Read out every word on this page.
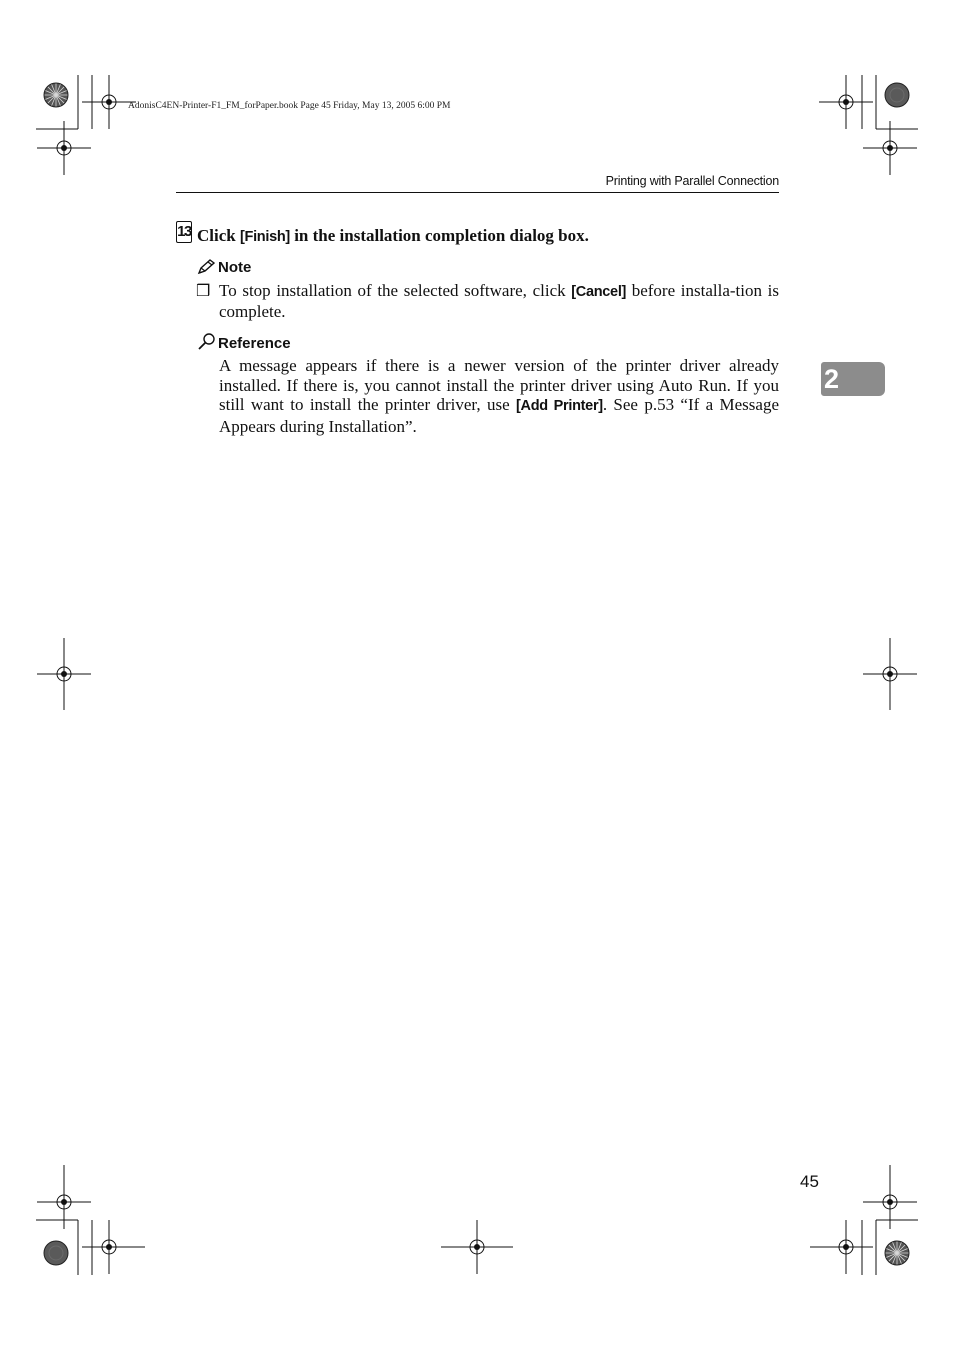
AdonisC4EN-Printer-F1_FM_forPaper.book Page 45 Friday, May 13, 2005 6:00 PM
Printing with Parallel Connection
13 Click [Finish] in the installation completion dialog box.
Note
❒ To stop installation of the selected software, click [Cancel] before installa-tion is complete.
Reference
A message appears if there is a newer version of the printer driver already installed. If there is, you cannot install the printer driver using Auto Run. If you still want to install the printer driver, use [Add Printer]. See p.53 “If a Message Appears during Installation”.
2
45
